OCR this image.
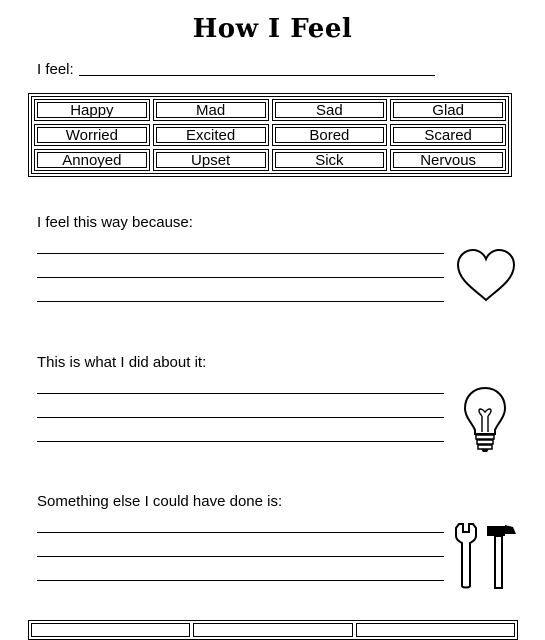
How I Feel
I feel:
Happy	Mad	Sad	Glad
Worried	Excited	Bored	Scared
Annoyed	Upset	Sick	Nervous
I feel this way because:
This is what I did about it:
Something else I could have done is:
